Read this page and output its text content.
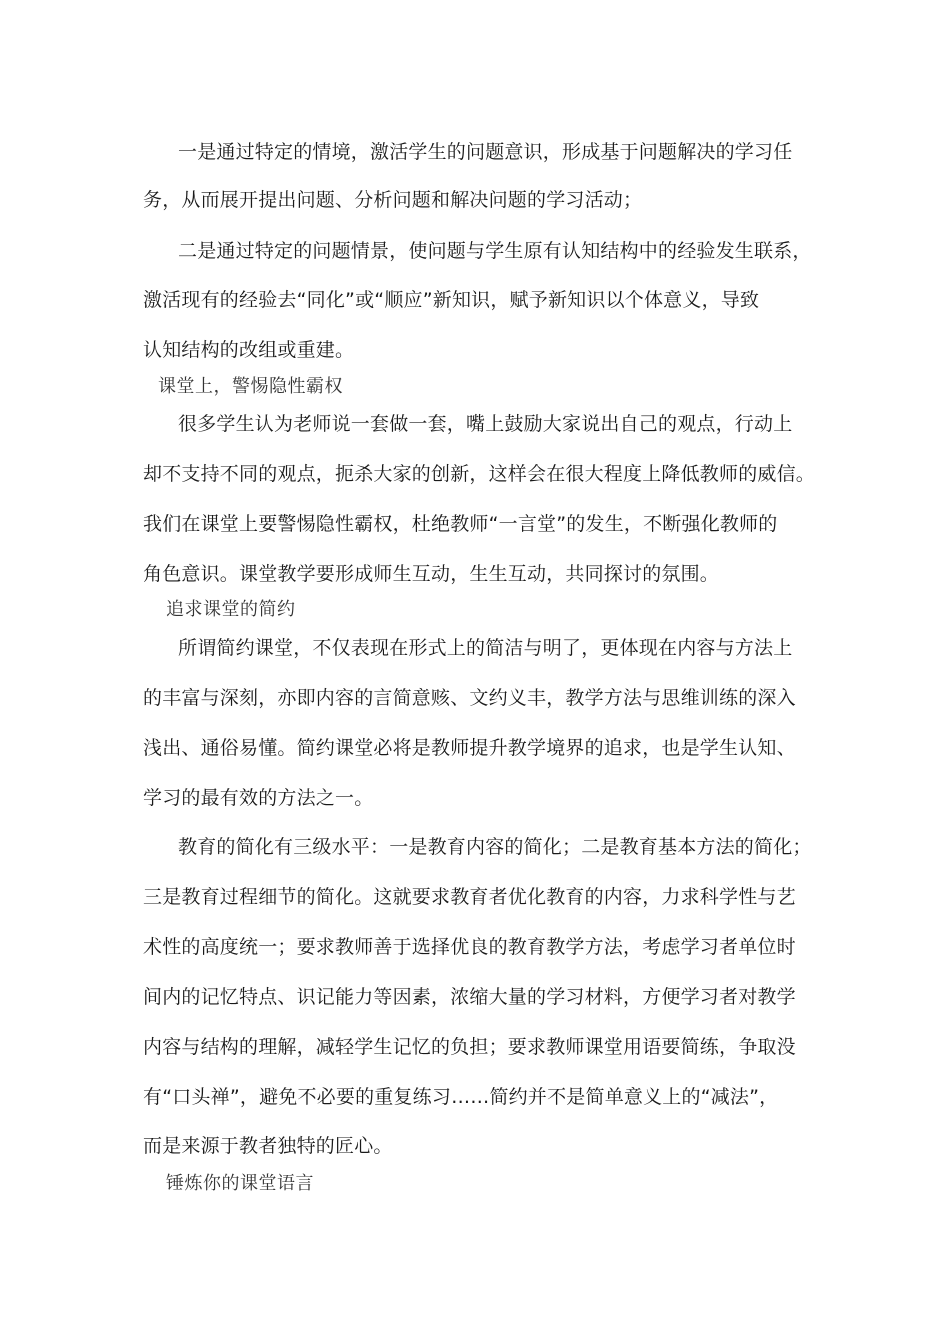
一是通过特定的情境，激活学生的问题意识，形成基于问题解决的学习任
务，从而展开提出问题、分析问题和解决问题的学习活动；
二是通过特定的问题情景，使问题与学生原有认知结构中的经验发生联系，
激活现有的经验去“同化”或“顺应”新知识，赋予新知识以个体意义，导致
认知结构的改组或重建。
课堂上，警惕隐性霸权
很多学生认为老师说一套做一套，嘴上鼓励大家说出自己的观点，行动上
却不支持不同的观点，扼杀大家的创新，这样会在很大程度上降低教师的威信。
我们在课堂上要警惕隐性霸权，杜绝教师“一言堂”的发生，不断强化教师的
角色意识。课堂教学要形成师生互动，生生互动，共同探讨的氛围。
追求课堂的简约
所谓简约课堂，不仅表现在形式上的简洁与明了，更体现在内容与方法上
的丰富与深刻，亦即内容的言简意赅、文约义丰，教学方法与思维训练的深入
浅出、通俗易懂。简约课堂必将是教师提升教学境界的追求，也是学生认知、
学习的最有效的方法之一。
教育的简化有三级水平：一是教育内容的简化；二是教育基本方法的简化；
三是教育过程细节的简化。这就要求教育者优化教育的内容，力求科学性与艺
术性的高度统一；要求教师善于选择优良的教育教学方法，考虑学习者单位时
间内的记忆特点、识记能力等因素，浓缩大量的学习材料，方便学习者对教学
内容与结构的理解，减轻学生记忆的负担；要求教师课堂用语要简练，争取没
有“口头禅”，避免不必要的重复练习……简约并不是简单意义上的“减法”，
而是来源于教者独特的匠心。
锤炼你的课堂语言
